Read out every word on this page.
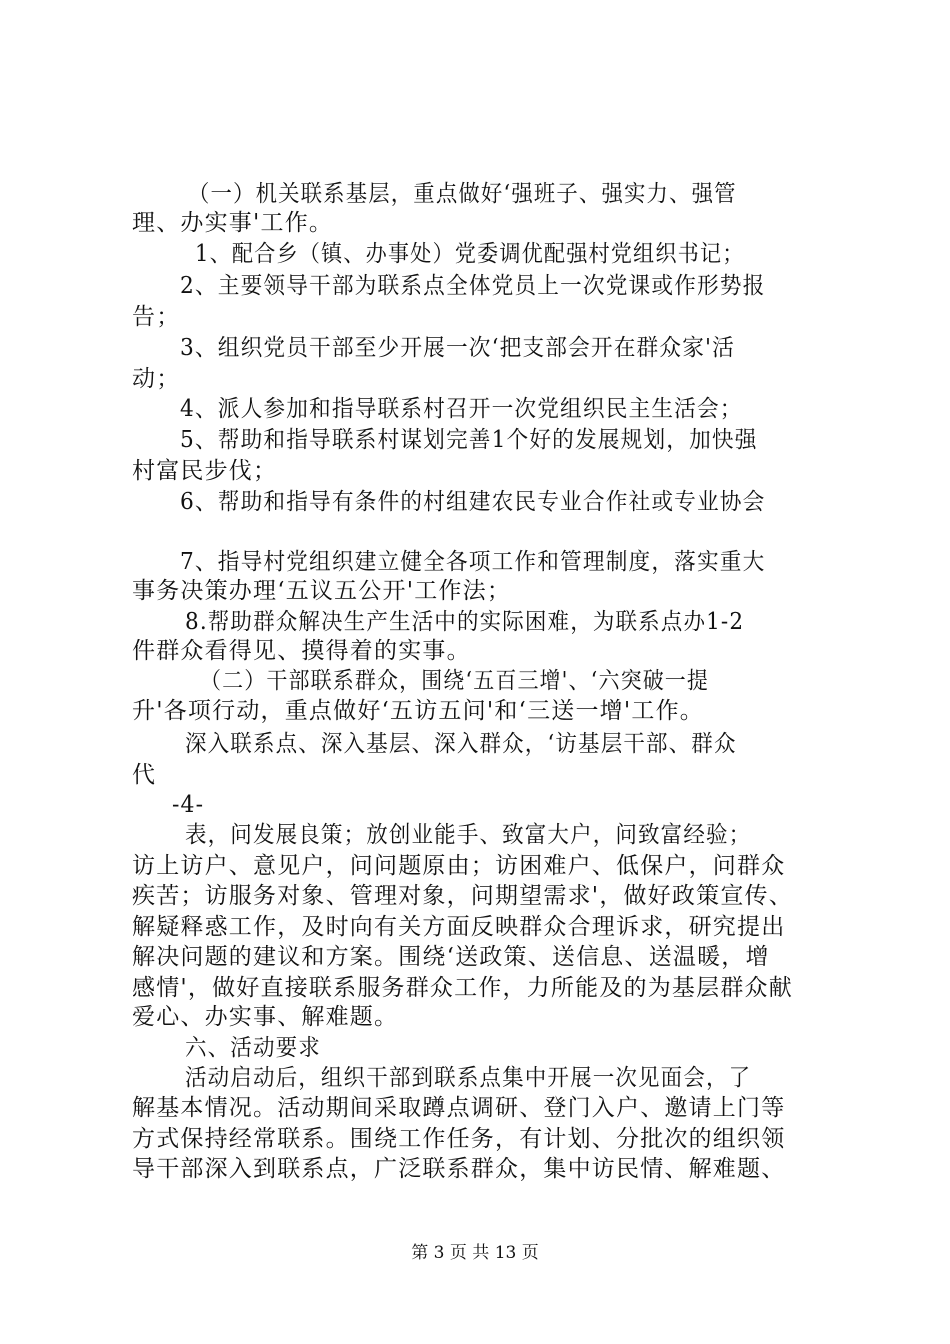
（一）机关联系基层，重点做好‘强班子、强实力、强管
理、办实事'工作。
1、配合乡（镇、办事处）党委调优配强村党组织书记；
2、主要领导干部为联系点全体党员上一次党课或作形势报
告；
3、组织党员干部至少开展一次‘把支部会开在群众家'活
动；
4、派人参加和指导联系村召开一次党组织民主生活会；
5、帮助和指导联系村谋划完善1个好的发展规划，加快强
村富民步伐；
6、帮助和指导有条件的村组建农民专业合作社或专业协会
7、指导村党组织建立健全各项工作和管理制度，落实重大
事务决策办理‘五议五公开'工作法；
8.帮助群众解决生产生活中的实际困难，为联系点办1-2
件群众看得见、摸得着的实事。
（二）干部联系群众，围绕‘五百三增'、‘六突破一提
升'各项行动，重点做好‘五访五问'和‘三送一增'工作。
深入联系点、深入基层、深入群众，‘访基层干部、群众
代
-4-
表，问发展良策；放创业能手、致富大户，问致富经验；
访上访户、意见户，问问题原由；访困难户、低保户，问群众
疾苦；访服务对象、管理对象，问期望需求'，做好政策宣传、
解疑释惑工作，及时向有关方面反映群众合理诉求，研究提出
解决问题的建议和方案。围绕‘送政策、送信息、送温暖，增
感情'，做好直接联系服务群众工作，力所能及的为基层群众献
爱心、办实事、解难题。
六、活动要求
活动启动后，组织干部到联系点集中开展一次见面会，了
解基本情况。活动期间采取蹲点调研、登门入户、邀请上门等
方式保持经常联系。围绕工作任务，有计划、分批次的组织领
导干部深入到联系点，广泛联系群众，集中访民情、解难题、
第 3 页 共 13 页
